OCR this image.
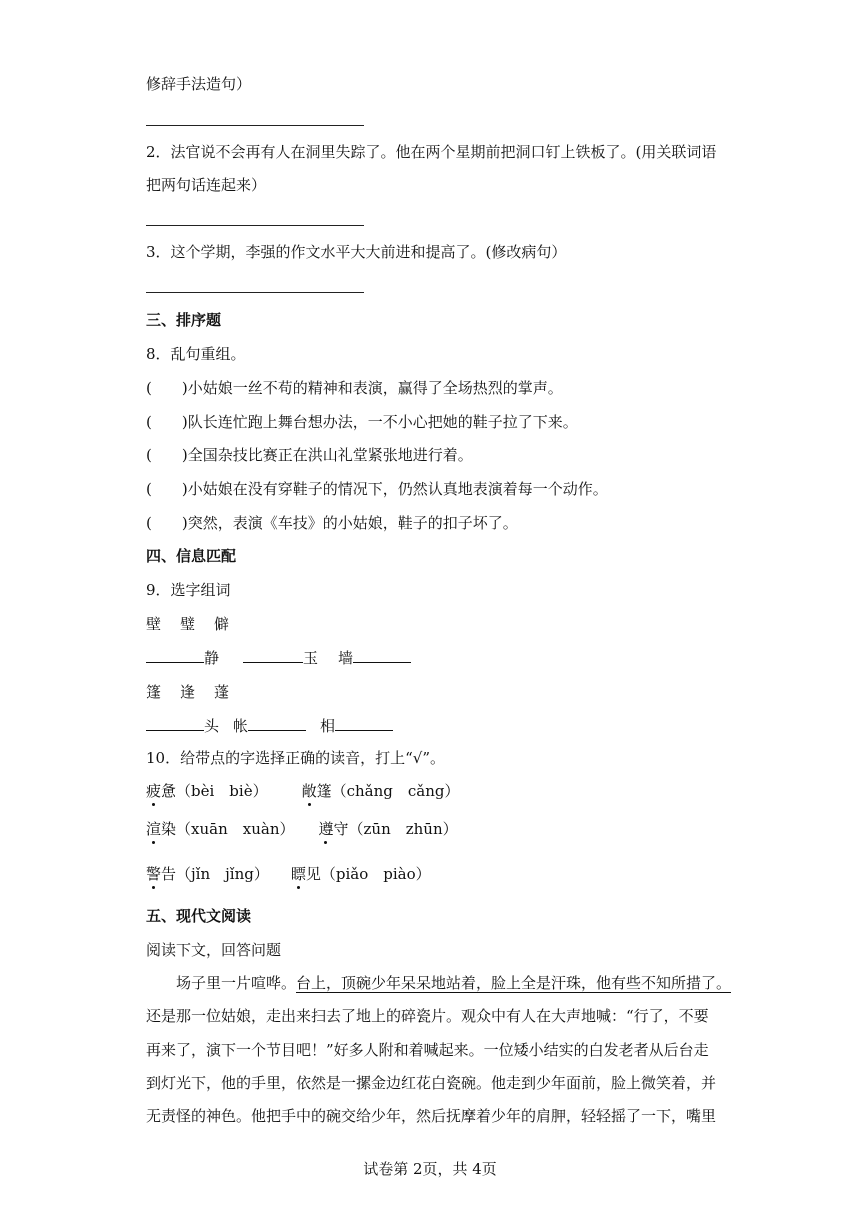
修辞手法造句）
2．法官说不会再有人在洞里失踪了。他在两个星期前把洞口钉上铁板了。(用关联词语
把两句话连起来）
3．这个学期，李强的作文水平大大前进和提高了。(修改病句）
三、排序题
8．乱句重组。
(　　)小姑娘一丝不苟的精神和表演，赢得了全场热烈的掌声。
(　　)队长连忙跑上舞台想办法，一不小心把她的鞋子拉了下来。
(　　)全国杂技比赛正在洪山礼堂紧张地进行着。
(　　)小姑娘在没有穿鞋子的情况下，仍然认真地表演着每一个动作。
(　　)突然，表演《车技》的小姑娘，鞋子的扣子坏了。
四、信息匹配
9．选字组词
壁 璧 僻
静	玉 墙
篷 逢 蓬
头 帐	相
10．给带点的字选择正确的读音，打上“√”。
疲惫（bèi　biè） 敞篷（chǎng　cǎng）
渲染（xuān　xuàn） 遵守（zūn　zhūn）
警告（jǐn　jǐng） 瞟见（piǎo　piào）
五、现代文阅读
阅读下文，回答问题
场子里一片喧哗。台上，顶碗少年呆呆地站着，脸上全是汗珠，他有些不知所措了。
还是那一位姑娘，走出来扫去了地上的碎瓷片。观众中有人在大声地喊：“行了，不要
再来了，演下一个节目吧！”好多人附和着喊起来。一位矮小结实的白发老者从后台走
到灯光下，他的手里，依然是一摞金边红花白瓷碗。他走到少年面前，脸上微笑着，并
无责怪的神色。他把手中的碗交给少年，然后抚摩着少年的肩胛，轻轻摇了一下，嘴里
试卷第 2页，共 4页
